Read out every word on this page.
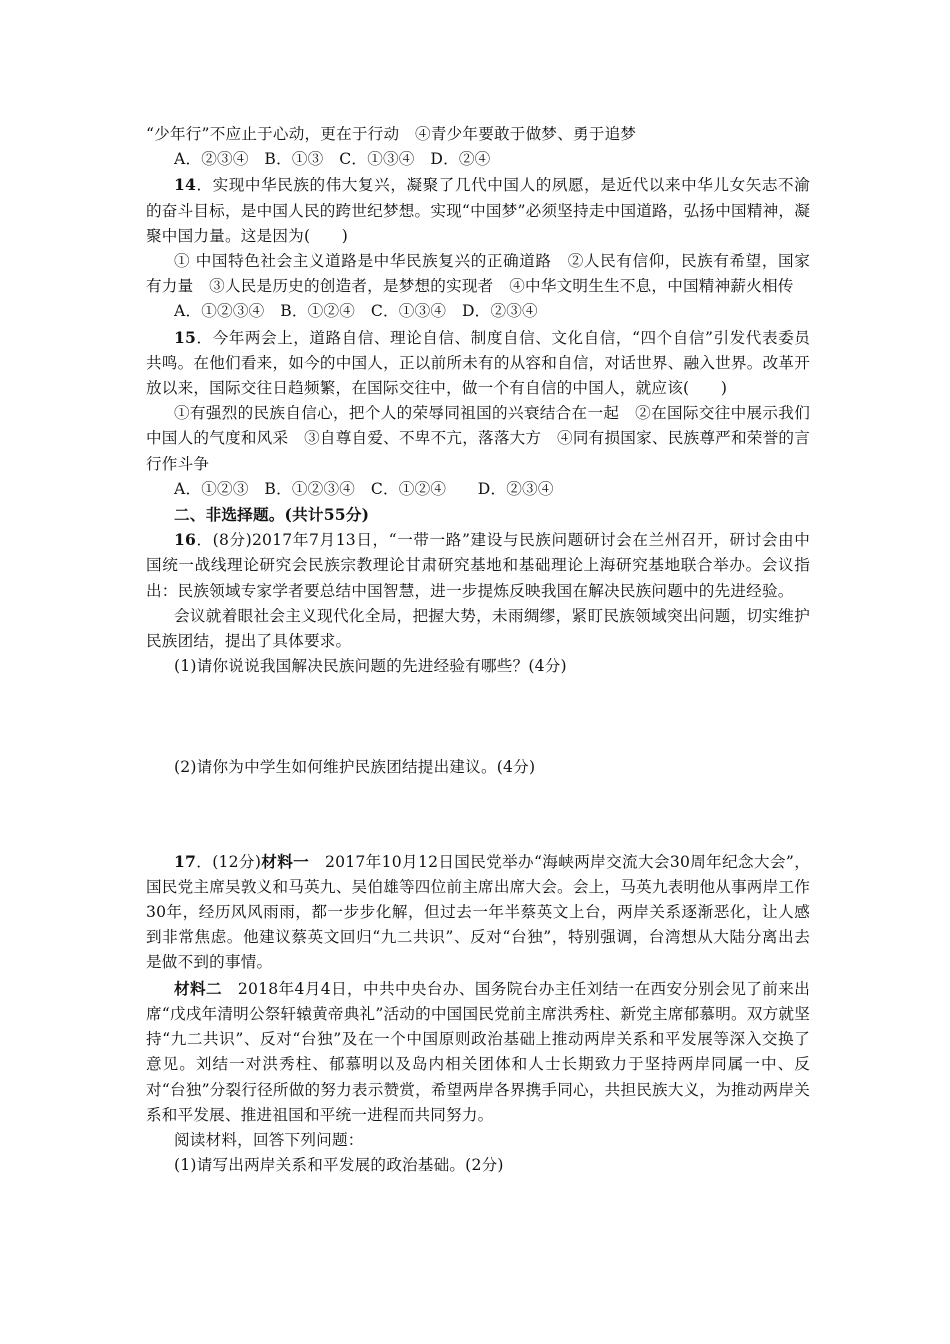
“少年行”不应止于心动，更在于行动　④青少年要敢于做梦、勇于追梦

A．②③④　B．①③　C．①③④　D．②④

14．实现中华民族的伟大复兴，凝聚了几代中国人的夙愿，是近代以来中华儿女矢志不渝的奋斗目标，是中国人民的跨世纪梦想。实现“中国梦”必须坚持走中国道路，弘扬中国精神，凝聚中国力量。这是因为(　　)

① 中国特色社会主义道路是中华民族复兴的正确道路　②人民有信仰，民族有希望，国家有力量　③人民是历史的创造者，是梦想的实现者　④中华文明生生不息，中国精神薪火相传

A．①②③④　B．①②④　C．①③④　D．②③④

15．今年两会上，道路自信、理论自信、制度自信、文化自信，“四个自信”引发代表委员共鸣。在他们看来，如今的中国人，正以前所未有的从容和自信，对话世界、融入世界。改革开放以来，国际交往日趋频繁，在国际交往中，做一个有自信的中国人，就应该(　　)

①有强烈的民族自信心，把个人的荣辱同祖国的兴衰结合在一起　②在国际交往中展示我们中国人的气度和风采　③自尊自爱、不卑不亢，落落大方　④同有损国家、民族尊严和荣誉的言行作斗争

A．①②③　B．①②③④　C．①②④　　D．②③④

二、非选择题。(共计55分)

16．(8分)2017年7月13日，“一带一路”建设与民族问题研讨会在兰州召开，研讨会由中国统一战线理论研究会民族宗教理论甘肃研究基地和基础理论上海研究基地联合举办。会议指出：民族领域专家学者要总结中国智慧，进一步提炼反映我国在解决民族问题中的先进经验。

会议就着眼社会主义现代化全局，把握大势，未雨绸缪，紧盯民族领域突出问题，切实维护民族团结，提出了具体要求。

(1)请你说说我国解决民族问题的先进经验有哪些？(4分)

(2)请你为中学生如何维护民族团结提出建议。(4分)

17．(12分)材料一　2017年10月12日国民党举办“海峡两岸交流大会30周年纪念大会”，国民党主席吴敦义和马英九、吴伯雄等四位前主席出席大会。会上，马英九表明他从事两岸工作30年，经历风风雨雨，都一步步化解，但过去一年半蔡英文上台，两岸关系逐渐恶化，让人感到非常焦虑。他建议蔡英文回归“九二共识”、反对“台独”，特别强调，台湾想从大陆分离出去是做不到的事情。

材料二　2018年4月4日，中共中央台办、国务院台办主任刘结一在西安分别会见了前来出席“戊戌年清明公祭轩辕黄帝典礼”活动的中国国民党前主席洪秀柱、新党主席郁慕明。双方就坚持“九二共识”、反对“台独”及在一个中国原则政治基础上推动两岸关系和平发展等深入交换了意见。刘结一对洪秀柱、郁慕明以及岛内相关团体和人士长期致力于坚持两岸同属一中、反对“台独”分裂行径所做的努力表示赞赏，希望两岸各界携手同心，共担民族大义，为推动两岸关系和平发展、推进祖国和平统一进程而共同努力。

阅读材料，回答下列问题：

(1)请写出两岸关系和平发展的政治基础。(2分)
